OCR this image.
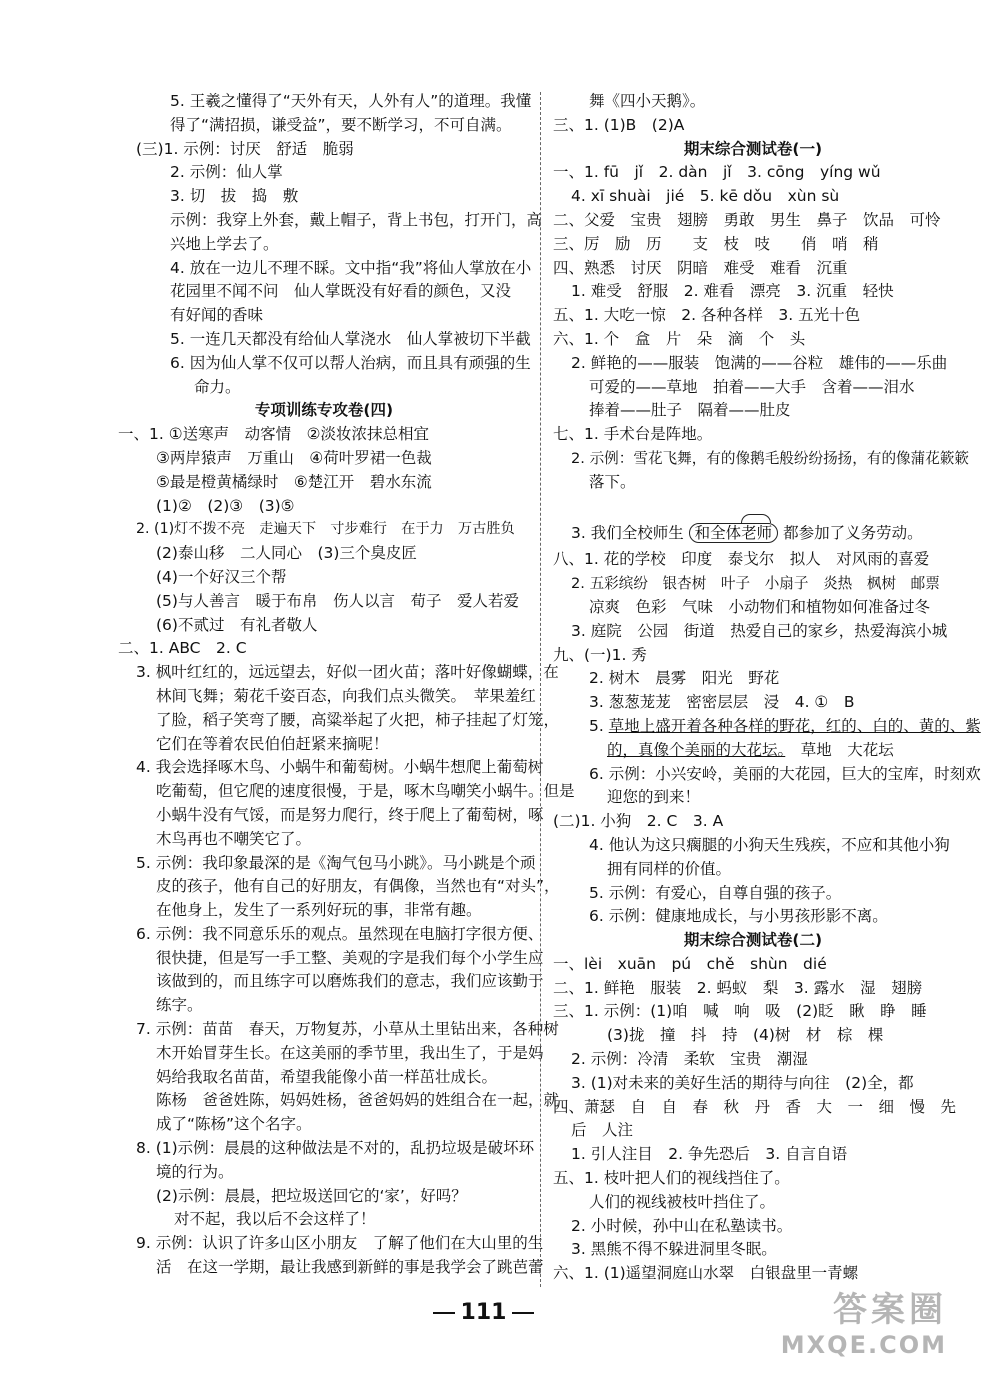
5. 王羲之懂得了“天外有天，人外有人”的道理。我懂
得了“满招损，谦受益”，要不断学习，不可自满。
(三)1. 示例：讨厌　舒适　脆弱
2. 示例：仙人掌
3. 切　拔　捣　敷
示例：我穿上外套，戴上帽子，背上书包，打开门，高
兴地上学去了。
4. 放在一边儿不理不睬。文中指“我”将仙人掌放在小
花园里不闻不问　仙人掌既没有好看的颜色，又没
有好闻的香味
5. 一连几天都没有给仙人掌浇水　仙人掌被切下半截
6. 因为仙人掌不仅可以帮人治病，而且具有顽强的生
命力。
专项训练专攻卷(四)
一、1. ①送寒声　动客情　②淡妆浓抹总相宜
③两岸猿声　万重山　④荷叶罗裙一色裁
⑤最是橙黄橘绿时　⑥楚江开　碧水东流
(1)②　(2)③　(3)⑤
2. (1)灯不拨不亮　走遍天下　寸步难行　在于力　万古胜负
(2)泰山移　二人同心　(3)三个臭皮匠
(4)一个好汉三个帮
(5)与人善言　暖于布帛　伤人以言　荀子　爱人若爱
(6)不贰过　有礼者敬人
二、1. ABC　2. C
3. 枫叶红红的，远远望去，好似一团火苗；落叶好像蝴蝶，在
林间飞舞；菊花千姿百态，向我们点头微笑。　苹果羞红
了脸，稻子笑弯了腰，高粱举起了火把，柿子挂起了灯笼，
它们在等着农民伯伯赶紧来摘呢！
4. 我会选择啄木鸟、小蜗牛和葡萄树。小蜗牛想爬上葡萄树
吃葡萄，但它爬的速度很慢，于是，啄木鸟嘲笑小蜗牛。但是
小蜗牛没有气馁，而是努力爬行，终于爬上了葡萄树，啄
木鸟再也不嘲笑它了。
5. 示例：我印象最深的是《淘气包马小跳》。马小跳是个顽
皮的孩子，他有自己的好朋友，有偶像，当然也有“对头”，
在他身上，发生了一系列好玩的事，非常有趣。
6. 示例：我不同意乐乐的观点。虽然现在电脑打字很方便、
很快捷，但是写一手工整、美观的字是我们每个小学生应
该做到的，而且练字可以磨炼我们的意志，我们应该勤于
练字。
7. 示例：苗苗　春天，万物复苏，小草从土里钻出来，各种树
木开始冒芽生长。在这美丽的季节里，我出生了，于是妈
妈给我取名苗苗，希望我能像小苗一样茁壮成长。
陈杨　爸爸姓陈，妈妈姓杨，爸爸妈妈的姓组合在一起，就
成了“陈杨”这个名字。
8. (1)示例：晨晨的这种做法是不对的，乱扔垃圾是破坏环
境的行为。
(2)示例：晨晨，把垃圾送回它的‘家’，好吗？
对不起，我以后不会这样了！
9. 示例：认识了许多山区小朋友　了解了他们在大山里的生
活　在这一学期，最让我感到新鲜的事是我学会了跳芭蕾
舞《四小天鹅》。
三、1. (1)B　(2)A
期末综合测试卷(一)
一、1. fū　jǐ　2. dàn　jǐ　3. cōng　yíng wǔ
4. xī shuài　jié　5. kē dǒu　xùn sù
二、父爱　宝贵　翅膀　勇敢　男生　鼻子　饮品　可怜
三、厉　励　历　　支　枝　吱　　俏　哨　稍
四、熟悉　讨厌　阴暗　难受　难看　沉重
1. 难受　舒服　2. 难看　漂亮　3. 沉重　轻快
五、1. 大吃一惊　2. 各种各样　3. 五光十色
六、1. 个　盒　片　朵　滴　个　头
2. 鲜艳的——服装　饱满的——谷粒　雄伟的——乐曲
可爱的——草地　拍着——大手　含着——泪水
捧着——肚子　隔着——肚皮
七、1. 手术台是阵地。
2. 示例：雪花飞舞，有的像鹅毛般纷纷扬扬，有的像蒲花簌簌
落下。
3. 我们全校师生 和全体老师 都参加了义务劳动。
八、1. 花的学校　印度　泰戈尔　拟人　对风雨的喜爱
2. 五彩缤纷　银杏树　叶子　小扇子　炎热　枫树　邮票
凉爽　色彩　气味　小动物们和植物如何准备过冬
3. 庭院　公园　街道　热爱自己的家乡，热爱海滨小城
九、(一)1. 秀
2. 树木　晨雾　阳光　野花
3. 葱葱茏茏　密密层层　浸　4. ①　B
5. 草地上盛开着各种各样的野花，红的、白的、黄的、紫
的，真像个美丽的大花坛。　草地　大花坛
6. 示例：小兴安岭，美丽的大花园，巨大的宝库，时刻欢
迎您的到来！
(二)1. 小狗　2. C　3. A
4. 他认为这只瘸腿的小狗天生残疾，不应和其他小狗
拥有同样的价值。
5. 示例：有爱心，自尊自强的孩子。
6. 示例：健康地成长，与小男孩形影不离。
期末综合测试卷(二)
一、lèi　xuān　pú　chě　shùn　dié
二、1. 鲜艳　服装　2. 蚂蚁　梨　3. 露水　湿　翅膀
三、1. 示例：(1)咱　喊　响　吸　(2)眨　瞅　睁　睡
(3)拢　撞　抖　持　(4)树　材　棕　棵
2. 示例：冷清　柔软　宝贵　潮湿
3. (1)对未来的美好生活的期待与向往　(2)全，都
四、萧瑟　自　自　春　秋　丹　香　大　一　细　慢　先
后　人注
1. 引人注目　2. 争先恐后　3. 自言自语
五、1. 枝叶把人们的视线挡住了。
人们的视线被枝叶挡住了。
2. 小时候，孙中山在私塾读书。
3. 黑熊不得不躲进洞里冬眠。
六、1. (1)遥望洞庭山水翠　白银盘里一青螺
111	答案圈
MXQE.COM
